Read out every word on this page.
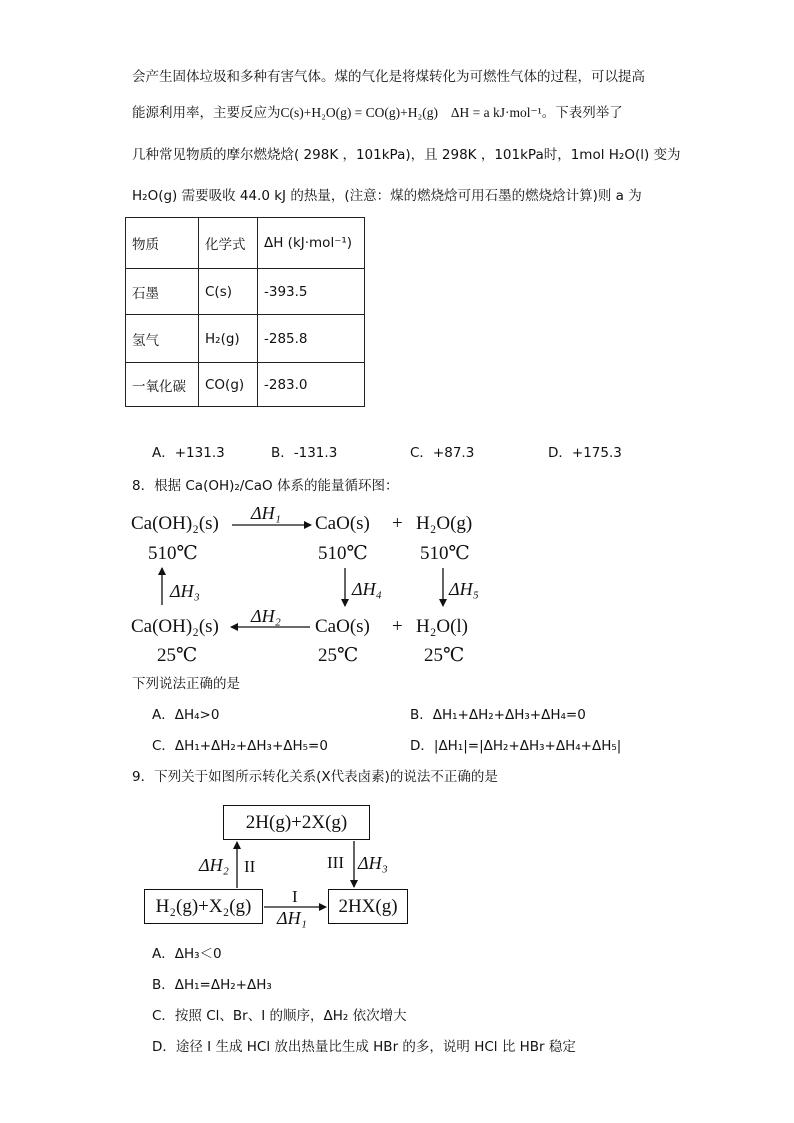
会产生固体垃圾和多种有害气体。煤的气化是将煤转化为可燃性气体的过程，可以提高
能源利用率，主要反应为C(s)+H₂O(g) = CO(g)+H₂(g) ΔH = a kJ·mol⁻¹。下表列举了
几种常见物质的摩尔燃烧焓( 298K ，101kPa)，且 298K ，101kPa时，1mol H₂O(l) 变为
H₂O(g) 需要吸收 44.0 kJ 的热量，(注意：煤的燃烧焓可用石墨的燃烧焓计算)则 a 为
物质	化学式	ΔH (kJ·mol⁻¹)
石墨	C(s)	-393.5
氢气	H₂(g)	-285.8
一氧化碳	CO(g)	-283.0
A．+131.3	B．-131.3	C．+87.3	D．+175.3
8．根据 Ca(OH)₂/CaO 体系的能量循环图：
Ca(OH)₂(s)	CaO(s) + H₂O(g)
510℃	510℃	510℃
Ca(OH)₂(s)	CaO(s) + H₂O(l)
25℃	25℃	25℃
ΔH₁
ΔH₂
ΔH₃	ΔH₄	ΔH₅
下列说法正确的是
A．ΔH₄>0	B．ΔH₁+ΔH₂+ΔH₃+ΔH₄=0
C．ΔH₁+ΔH₂+ΔH₃+ΔH₅=0	D．|ΔH₁|=|ΔH₂+ΔH₃+ΔH₄+ΔH₅|
9．下列关于如图所示转化关系(X代表卤素)的说法不正确的是
2H(g)+2X(g)
H₂(g)+X₂(g)	2HX(g)
ΔH₂ II	III ΔH₃
I
ΔH₁
A．ΔH₃＜0
B．ΔH₁=ΔH₂+ΔH₃
C．按照 Cl、Br、I 的顺序，ΔH₂ 依次增大
D．途径 I 生成 HCl 放出热量比生成 HBr 的多，说明 HCl 比 HBr 稳定
